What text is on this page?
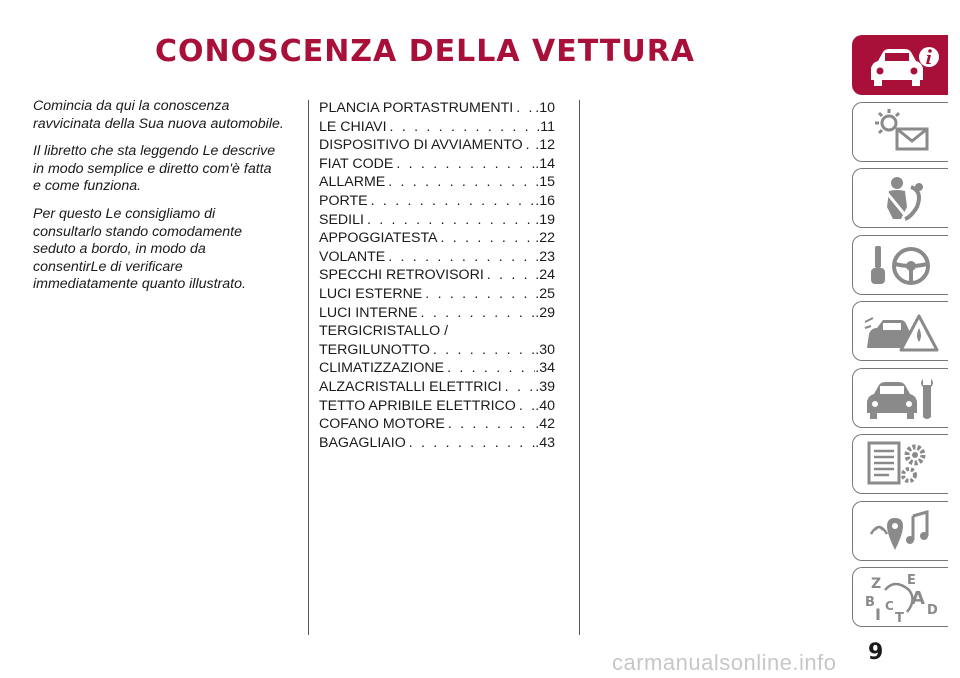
CONOSCENZA DELLA VETTURA

Comincia da qui la conoscenza
ravvicinata della Sua nuova automobile.

Il libretto che sta leggendo Le descrive
in modo semplice e diretto com'è fatta
e come funziona.

Per questo Le consigliamo di
consultarlo stando comodamente
seduto a bordo, in modo da
consentirLe di verificare
immediatamente quanto illustrato.

PLANCIA PORTASTRUMENTI . . . .10
LE CHIAVI . . .	.11
DISPOSITIVO DI AVVIAMENTO . . . .12
FIAT CODE . . .	.14
ALLARME . . .	.15
PORTE . . .	.16
SEDILI . . .	.19
APPOGGIATESTA . . .	.22
VOLANTE . . .	.23
SPECCHI RETROVISORI . . .	.24
LUCI ESTERNE . . .	.25
LUCI INTERNE . . .	.29
TERGICRISTALLO /
TERGILUNOTTO . . .	.30
CLIMATIZZAZIONE . . .	.34
ALZACRISTALLI ELETTRICI . . . .39
TETTO APRIBILE ELETTRICO . . . .40
COFANO MOTORE . . .	.42
BAGAGLIAIO . . .	.43
Z E
B A
C	D
T
I
9
carmanualsonline.info
